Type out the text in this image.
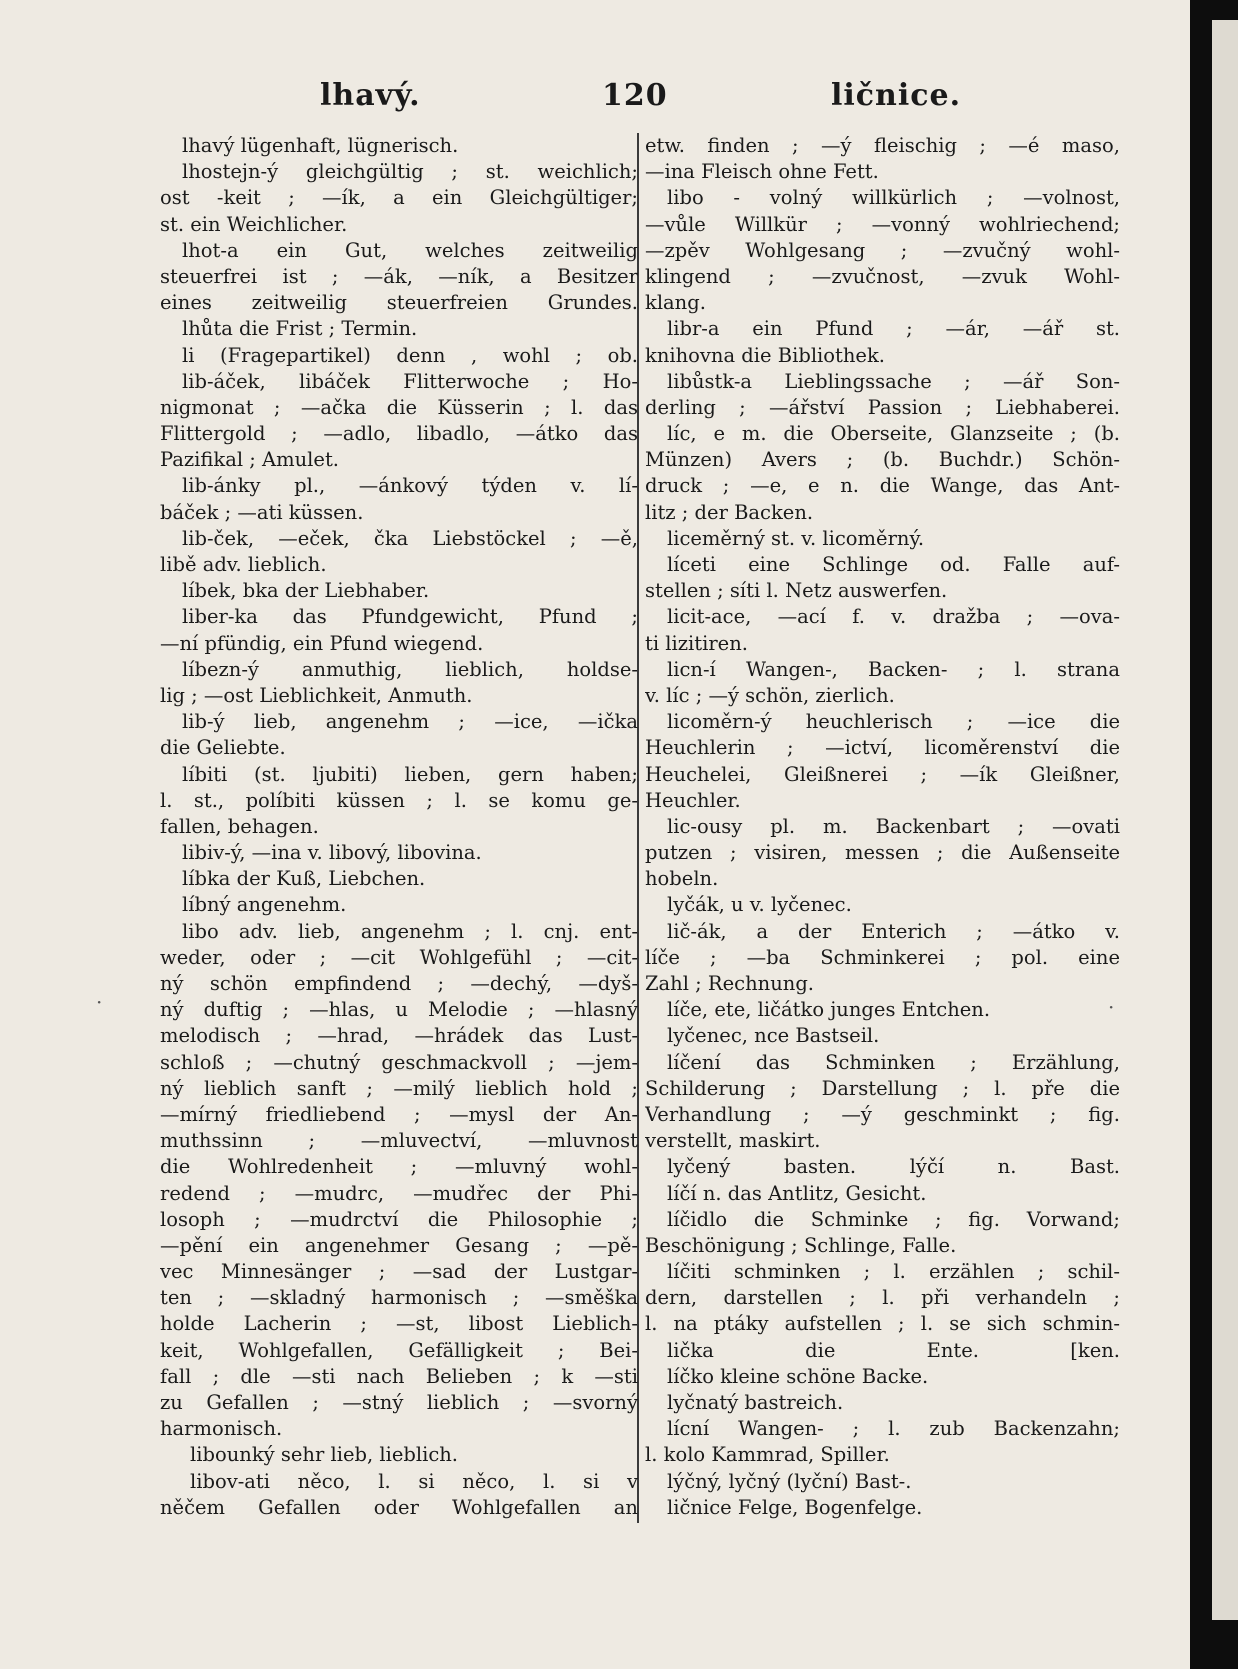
lhavý.	120	ličnice.
lhavý lügenhaft, lügnerisch.
lhostejn-ý gleichgültig ; st. weichlich;
ost -keit ; —ík, a ein Gleichgültiger;
st. ein Weichlicher.
lhot-a ein Gut, welches zeitweilig
steuerfrei ist ; —ák, —ník, a Besitzer
eines zeitweilig steuerfreien Grundes.
lhůta die Frist ; Termin.
li (Fragepartikel) denn , wohl ; ob.
lib-áček, libáček Flitterwoche ; Ho-
nigmonat ; —ačka die Küsserin ; l. das
Flittergold ; —adlo, libadlo, —átko das
Pazifikal ; Amulet.
lib-ánky pl., —ánkový týden v. lí-
báček ; —ati küssen.
lib-ček, —eček, čka Liebstöckel ; —ě,
libě adv. lieblich.
líbek, bka der Liebhaber.
liber-ka das Pfundgewicht, Pfund ;
—ní pfündig, ein Pfund wiegend.
líbezn-ý anmuthig, lieblich, holdse-
lig ; —ost Lieblichkeit, Anmuth.
lib-ý lieb, angenehm ; —ice, —ička
die Geliebte.
líbiti (st. ljubiti) lieben, gern haben;
l. st., políbiti küssen ; l. se komu ge-
fallen, behagen.
libiv-ý, —ina v. libový, libovina.
líbka der Kuß, Liebchen.
líbný angenehm.
libo adv. lieb, angenehm ; l. cnj. ent-
weder, oder ; —cit Wohlgefühl ; —cit-
ný schön empfindend ; —dechý, —dyš-
ný duftig ; —hlas, u Melodie ; —hlasný
melodisch ; —hrad, —hrádek das Lust-
schloß ; —chutný geschmackvoll ; —jem-
ný lieblich sanft ; —milý lieblich hold ;
—mírný friedliebend ; —mysl der An-
muthssinn ; —mluvectví, —mluvnost
die Wohlredenheit ; —mluvný wohl-
redend ; —mudrc, —mudřec der Phi-
losoph ; —mudrctví die Philosophie ;
—pění ein angenehmer Gesang ; —pě-
vec Minnesänger ; —sad der Lustgar-
ten ; —skladný harmonisch ; —směška
holde Lacherin ; —st, libost Lieblich-
keit, Wohlgefallen, Gefälligkeit ; Bei-
fall ; dle —sti nach Belieben ; k —sti
zu Gefallen ; —stný lieblich ; —svorný
harmonisch.
libounký sehr lieb, lieblich.
libov-ati něco, l. si něco, l. si v
něčem Gefallen oder Wohlgefallen an
etw. finden ; —ý fleischig ; —é maso,
—ina Fleisch ohne Fett.
libo - volný willkürlich ; —volnost,
—vůle Willkür ; —vonný wohlriechend;
—zpěv Wohlgesang ; —zvučný wohl-
klingend ; —zvučnost, —zvuk Wohl-
klang.
libr-a ein Pfund ; —ár, —ář st.
knihovna die Bibliothek.
libůstk-a Lieblingssache ; —ář Son-
derling ; —ářství Passion ; Liebhaberei.
líc, e m. die Oberseite, Glanzseite ; (b.
Münzen) Avers ; (b. Buchdr.) Schön-
druck ; —e, e n. die Wange, das Ant-
litz ; der Backen.
liceměrný st. v. licoměrný.
líceti eine Schlinge od. Falle auf-
stellen ; síti l. Netz auswerfen.
licit-ace, —ací f. v. dražba ; —ova-
ti lizitiren.
licn-í Wangen-, Backen- ; l. strana
v. líc ; —ý schön, zierlich.
licoměrn-ý heuchlerisch ; —ice die
Heuchlerin ; —ictví, licoměrenství die
Heuchelei, Gleißnerei ; —ík Gleißner,
Heuchler.
lic-ousy pl. m. Backenbart ; —ovati
putzen ; visiren, messen ; die Außenseite
hobeln.
lyčák, u v. lyčenec.
lič-ák, a der Enterich ; —átko v.
líče ; —ba Schminkerei ; pol. eine
Zahl ; Rechnung.
líče, ete, ličátko junges Entchen.
lyčenec, nce Bastseil.
líčení das Schminken ; Erzählung,
Schilderung ; Darstellung ; l. pře die
Verhandlung ; —ý geschminkt ; fig.
verstellt, maskirt.
lyčený basten. lýčí n. Bast.
líčí n. das Antlitz, Gesicht.
líčidlo die Schminke ; fig. Vorwand;
Beschönigung ; Schlinge, Falle.
líčiti schminken ; l. erzählen ; schil-
dern, darstellen ; l. při verhandeln ;
l. na ptáky aufstellen ; l. se sich schmin-
lička die Ente. [ken.
líčko kleine schöne Backe.
lyčnatý bastreich.
lícní Wangen- ; l. zub Backenzahn;
l. kolo Kammrad, Spiller.
lýčný, lyčný (lyční) Bast-.
ličnice Felge, Bogenfelge.
·	·
